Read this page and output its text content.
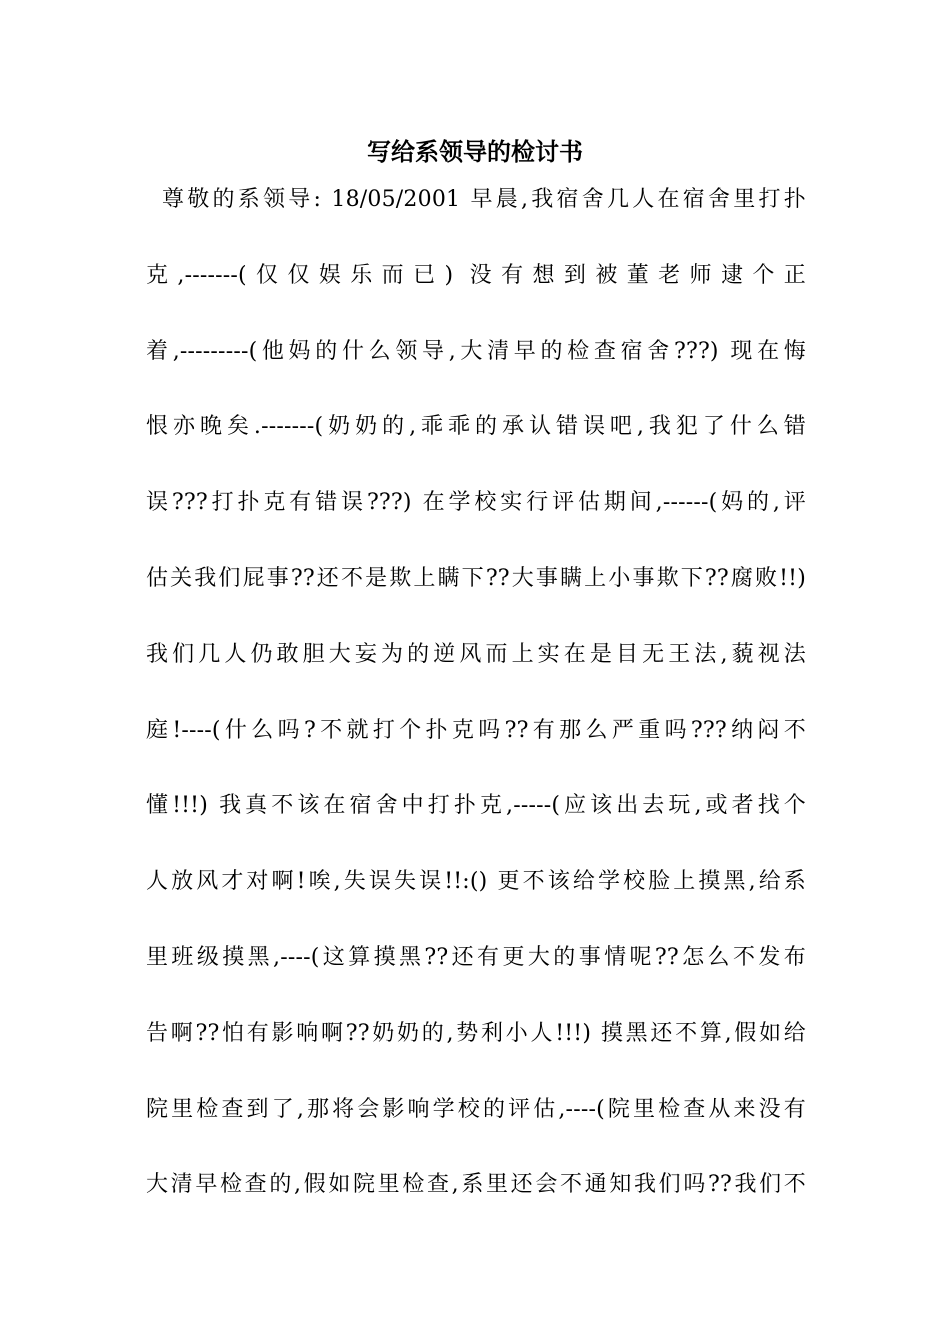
写给系领导的检讨书
尊敬的系领导: 18/05/2001 早晨,我宿舍几人在宿舍里打扑
克,-------(仅仅娱乐而已) 没有想到被董老师逮个正
着,---------(他妈的什么领导,大清早的检查宿舍???) 现在悔
恨亦晚矣.-------(奶奶的,乖乖的承认错误吧,我犯了什么错
误???打扑克有错误???) 在学校实行评估期间,------(妈的,评
估关我们屁事??还不是欺上瞒下??大事瞒上小事欺下??腐败!!)
我们几人仍敢胆大妄为的逆风而上实在是目无王法,藐视法
庭!----(什么吗?不就打个扑克吗??有那么严重吗???纳闷不
懂!!!) 我真不该在宿舍中打扑克,-----(应该出去玩,或者找个
人放风才对啊!唉,失误失误!!:() 更不该给学校脸上摸黑,给系
里班级摸黑,----(这算摸黑??还有更大的事情呢??怎么不发布
告啊??怕有影响啊??奶奶的,势利小人!!!) 摸黑还不算,假如给
院里检查到了,那将会影响学校的评估,----(院里检查从来没有
大清早检查的,假如院里检查,系里还会不通知我们吗??我们不
